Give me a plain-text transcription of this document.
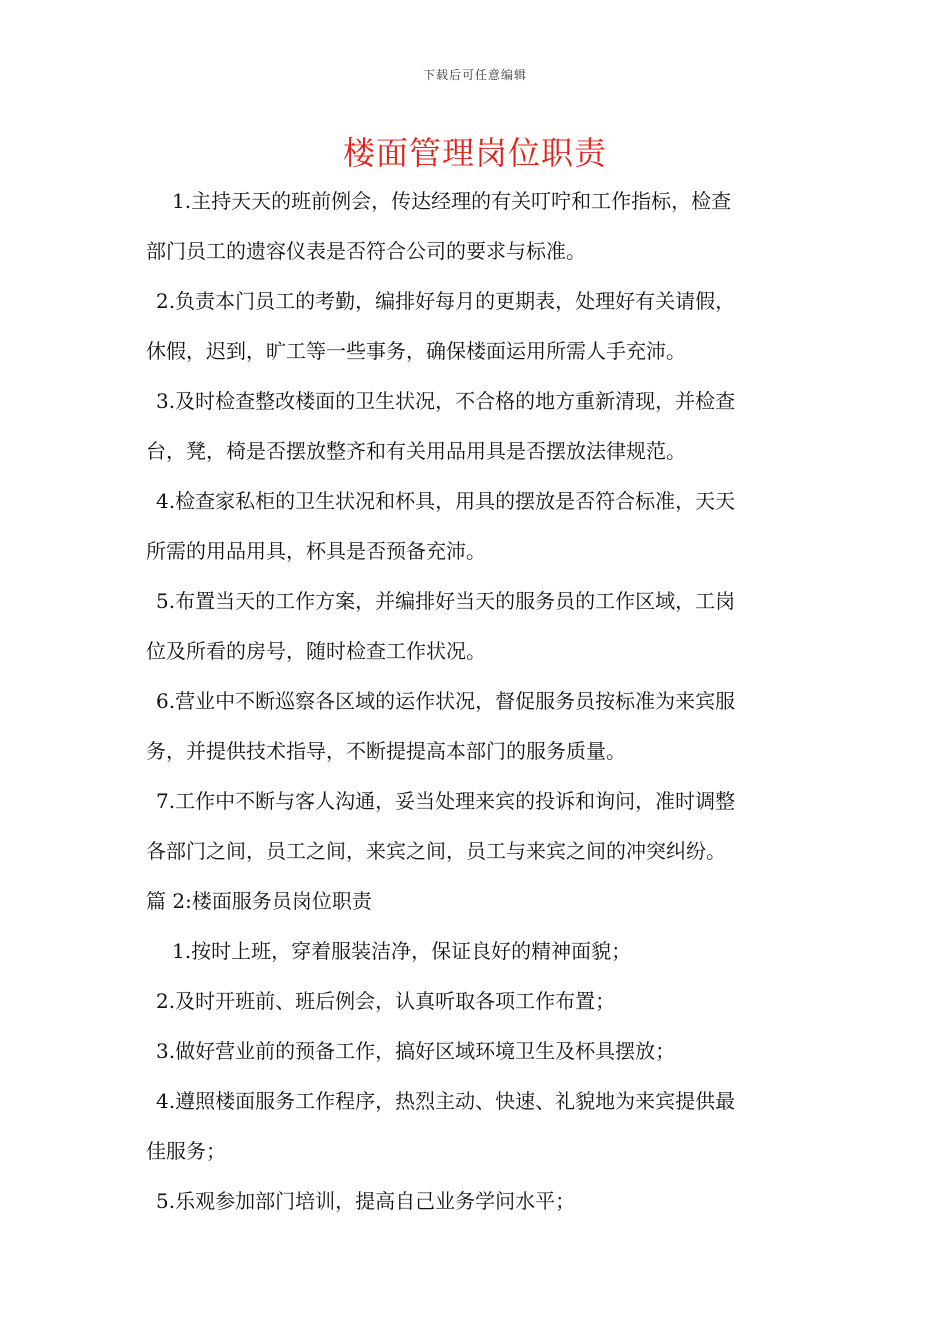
下载后可任意编辑
楼面管理岗位职责
1.主持天天的班前例会，传达经理的有关叮咛和工作指标，检查
部门员工的遗容仪表是否符合公司的要求与标准。
2.负责本门员工的考勤，编排好每月的更期表，处理好有关请假，
休假，迟到，旷工等一些事务，确保楼面运用所需人手充沛。
3.及时检查整改楼面的卫生状况，不合格的地方重新清现，并检查
台，凳，椅是否摆放整齐和有关用品用具是否摆放法律规范。
4.检查家私柜的卫生状况和杯具，用具的摆放是否符合标准，天天
所需的用品用具，杯具是否预备充沛。
5.布置当天的工作方案，并编排好当天的服务员的工作区域，工岗
位及所看的房号，随时检查工作状况。
6.营业中不断巡察各区域的运作状况，督促服务员按标准为来宾服
务，并提供技术指导，不断提提高本部门的服务质量。
7.工作中不断与客人沟通，妥当处理来宾的投诉和询问，准时调整
各部门之间，员工之间，来宾之间，员工与来宾之间的冲突纠纷。
篇 2:楼面服务员岗位职责
1.按时上班，穿着服装洁净，保证良好的精神面貌；
2.及时开班前、班后例会，认真听取各项工作布置；
3.做好营业前的预备工作，搞好区域环境卫生及杯具摆放；
4.遵照楼面服务工作程序，热烈主动、快速、礼貌地为来宾提供最
佳服务；
5.乐观参加部门培训，提高自己业务学问水平；
